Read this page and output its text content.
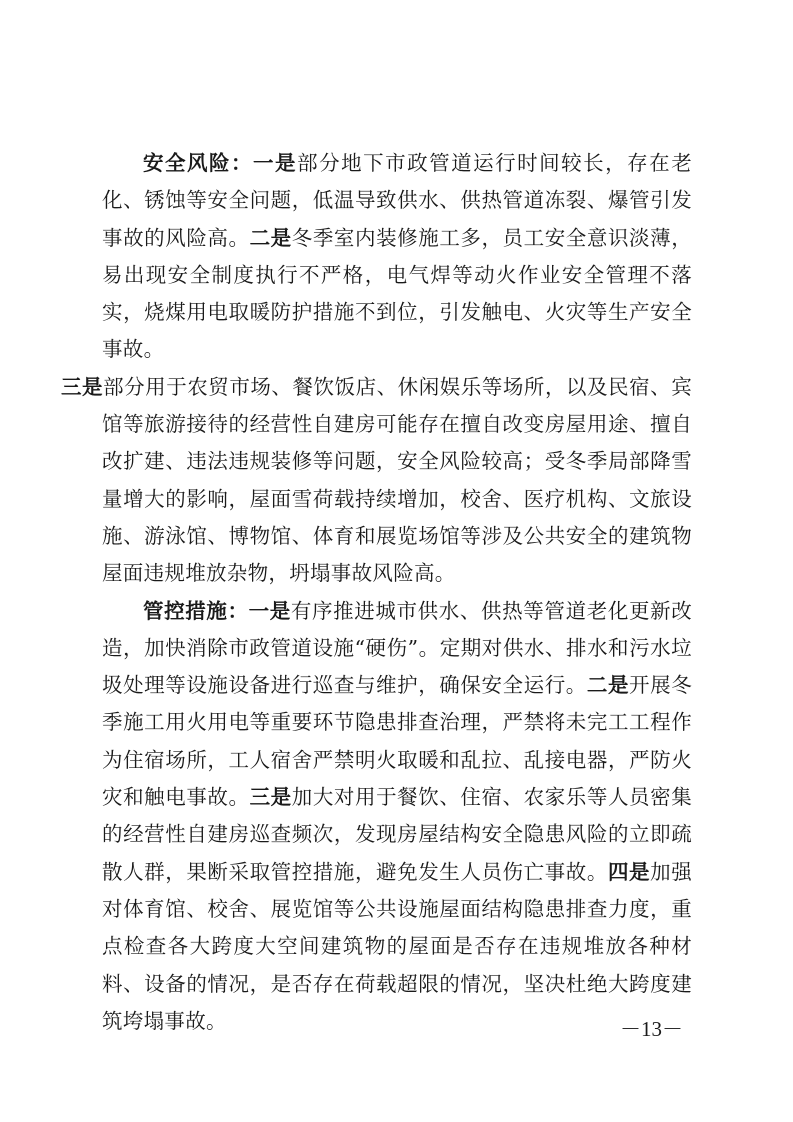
安全风险：一是部分地下市政管道运行时间较长，存在老化、锈蚀等安全问题，低温导致供水、供热管道冻裂、爆管引发事故的风险高。二是冬季室内装修施工多，员工安全意识淡薄，易出现安全制度执行不严格，电气焊等动火作业安全管理不落实，烧煤用电取暖防护措施不到位，引发触电、火灾等生产安全事故。
三是部分用于农贸市场、餐饮饭店、休闲娱乐等场所，以及民宿、宾馆等旅游接待的经营性自建房可能存在擅自改变房屋用途、擅自改扩建、违法违规装修等问题，安全风险较高；受冬季局部降雪量增大的影响，屋面雪荷载持续增加，校舍、医疗机构、文旅设施、游泳馆、博物馆、体育和展览场馆等涉及公共安全的建筑物屋面违规堆放杂物，坍塌事故风险高。

管控措施：一是有序推进城市供水、供热等管道老化更新改造，加快消除市政管道设施“硬伤”。定期对供水、排水和污水垃圾处理等设施设备进行巡查与维护，确保安全运行。二是开展冬季施工用火用电等重要环节隐患排查治理，严禁将未完工工程作为住宿场所，工人宿舍严禁明火取暖和乱拉、乱接电器，严防火灾和触电事故。三是加大对用于餐饮、住宿、农家乐等人员密集的经营性自建房巡查频次，发现房屋结构安全隐患风险的立即疏散人群，果断采取管控措施，避免发生人员伤亡事故。四是加强对体育馆、校舍、展览馆等公共设施屋面结构隐患排查力度，重点检查各大跨度大空间建筑物的屋面是否存在违规堆放各种材料、设备的情况，是否存在荷载超限的情况，坚决杜绝大跨度建筑垮塌事故。	－13－
